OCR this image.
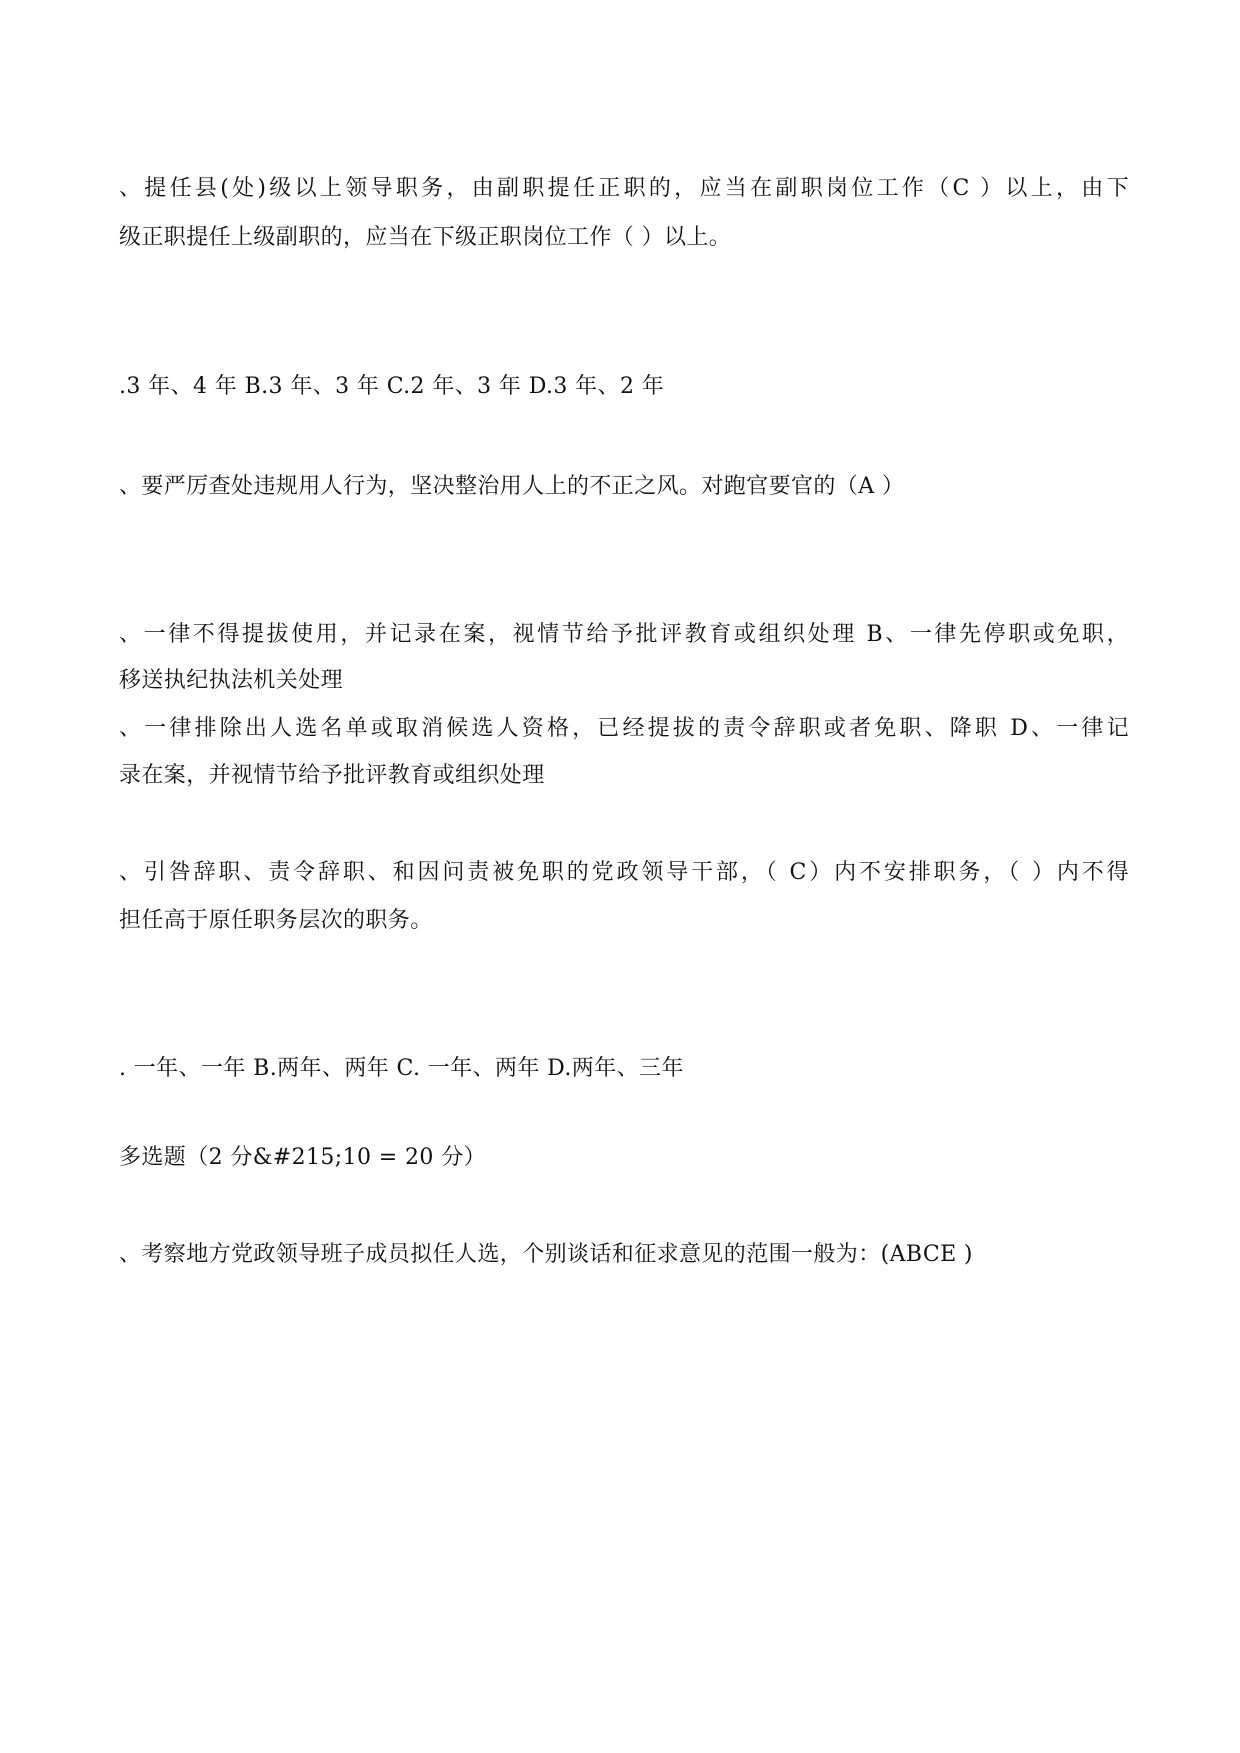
、提任县(处)级以上领导职务，由副职提任正职的，应当在副职岗位工作（C ）以上，由下
级正职提任上级副职的，应当在下级正职岗位工作（ ）以上。
.3 年、4 年 B.3 年、3 年 C.2 年、3 年 D.3 年、2 年
、要严厉查处违规用人行为，坚决整治用人上的不正之风。对跑官要官的（A ）
、一律不得提拔使用，并记录在案，视情节给予批评教育或组织处理 B、一律先停职或免职，
移送执纪执法机关处理
、一律排除出人选名单或取消候选人资格，已经提拔的责令辞职或者免职、降职 D、一律记
录在案，并视情节给予批评教育或组织处理
、引咎辞职、责令辞职、和因问责被免职的党政领导干部，（ C）内不安排职务，（ ）内不得
担任高于原任职务层次的职务。
. 一年、一年 B.两年、两年 C. 一年、两年 D.两年、三年
多选题（2 分&#215;10 = 20 分）
、考察地方党政领导班子成员拟任人选，个别谈话和征求意见的范围一般为：(ABCE )
